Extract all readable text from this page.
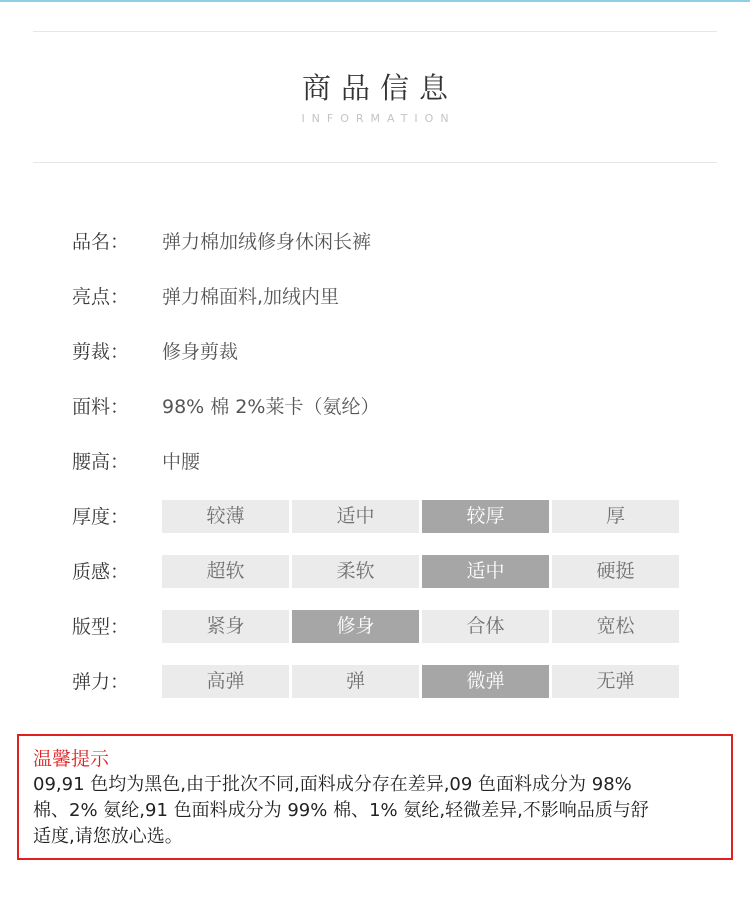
商品信息
INFORMATION
品名： 弹力棉加绒修身休闲长裤
亮点： 弹力棉面料,加绒内里
剪裁： 修身剪裁
面料： 98% 棉 2%莱卡（氨纶）
腰高： 中腰
厚度：	较薄	适中	较厚	厚
质感：	超软	柔软	适中	硬挺
版型：	紧身	修身	合体	宽松
弹力：	高弹	弹	微弹	无弹
温馨提示
09,91 色均为黑色,由于批次不同,面料成分存在差异,09 色面料成分为 98%
棉、2% 氨纶,91 色面料成分为 99% 棉、1% 氨纶,轻微差异,不影响品质与舒
适度,请您放心选。
